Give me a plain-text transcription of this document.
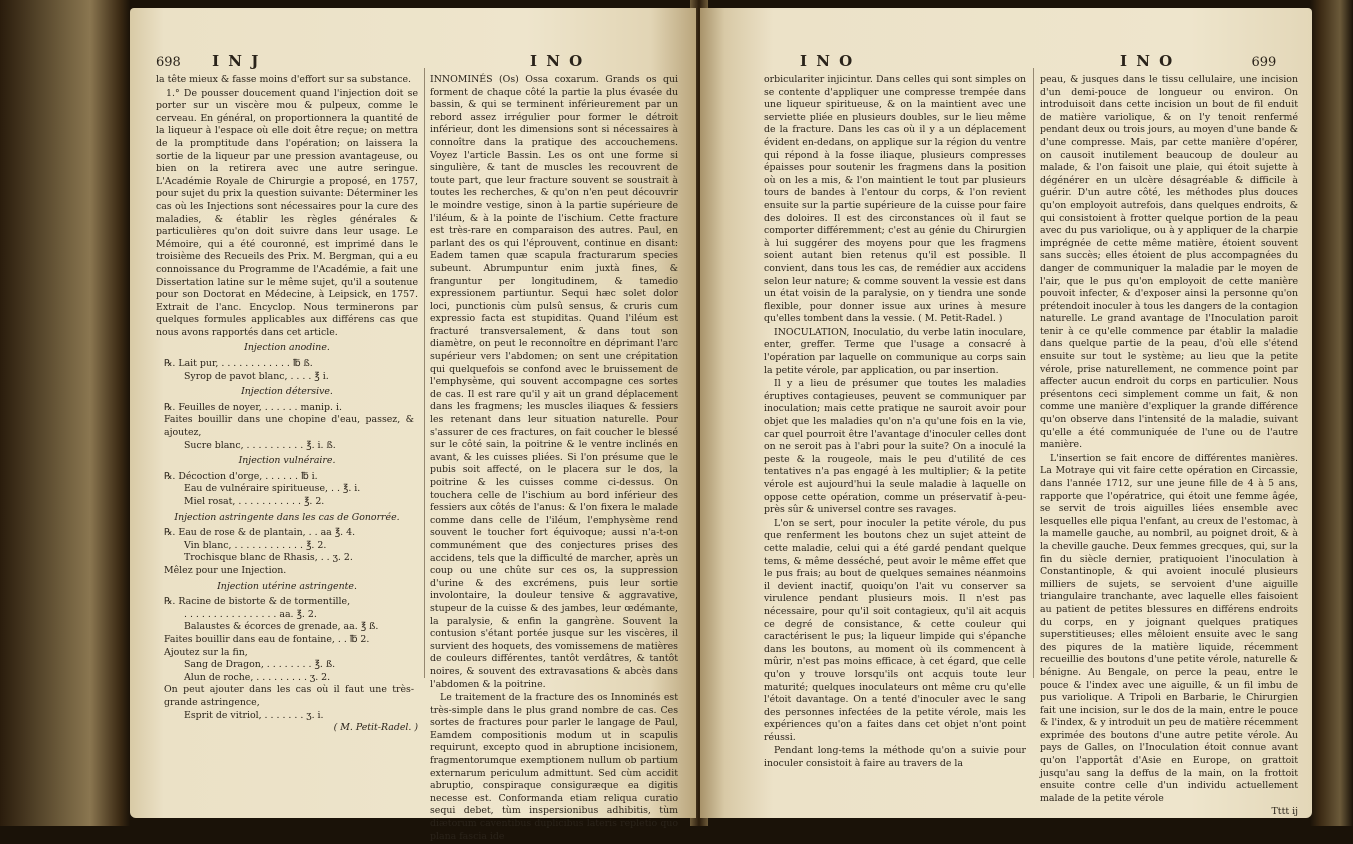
698 I N J	I N O

la tête mieux & fasse moins d'effort sur sa substance.

1.° De pousser doucement quand l'injection doit se porter sur un viscère mou & pulpeux, comme le cerveau. En général, on proportionnera la quantité de la liqueur à l'espace où elle doit être reçue; on mettra de la promptitude dans l'opération; on laissera la sortie de la liqueur par une pression avantageuse, ou bien on la retirera avec une autre seringue. L'Académie Royale de Chirurgie a proposé, en 1757, pour sujet du prix la question suivante: Déterminer les cas où les Injections sont nécessaires pour la cure des maladies, & établir les règles générales & particulières qu'on doit suivre dans leur usage. Le Mémoire, qui a été couronné, est imprimé dans le troisième des Recueils des Prix. M. Bergman, qui a eu connoissance du Programme de l'Académie, a fait une Dissertation latine sur le même sujet, qu'il a soutenue pour son Doctorat en Médecine, à Leipsick, en 1757. Extrait de l'anc. Encyclop. Nous terminerons par quelques formules applicables aux différens cas que nous avons rapportés dans cet article.

Injection anodine.
℞. Lait pur, . . . . . . . . . . . . ℔ ß.
Syrop de pavot blanc, . . . . ℥ i.
Injection détersive.
℞. Feuilles de noyer, . . . . . . manip. i.
Faites bouillir dans une chopine d'eau, passez, & ajoutez,
Sucre blanc, . . . . . . . . . . ℥. i. ß.
Injection vulnéraire.
℞. Décoction d'orge, . . . . . . ℔ i.
Eau de vulnéraire spiritueuse, . . ℥. i.
Miel rosat, . . . . . . . . . . . ℥. 2.
Injection astringente dans les cas de Gonorrée.
℞. Eau de rose & de plantain, . . aa ℥. 4.
Vin blanc, . . . . . . . . . . . . ℥. 2.
Trochisque blanc de Rhasis, . . ʒ. 2.
Mêlez pour une Injection.
Injection utérine astringente.
℞. Racine de bistorte & de tormentille,
. . . . . . . . . . . . . . . . aa. ℥. 2.
Balaustes & écorces de grenade, aa. ℥ ß.
Faites bouillir dans eau de fontaine, . . ℔ 2.
Ajoutez sur la fin,
Sang de Dragon, . . . . . . . . ℥. ß.
Alun de roche, . . . . . . . . . ʒ. 2.
On peut ajouter dans les cas où il faut une très-grande astringence,
Esprit de vitriol, . . . . . . . ʒ. i.
( M. Petit-Radel. )

INNOMINÉS (Os) Ossa coxarum. Grands os qui forment de chaque côté la partie la plus évasée du bassin, & qui se terminent inférieurement par un rebord assez irrégulier pour former le détroit inférieur, dont les dimensions sont si nécessaires à connoître dans la pratique des accouchemens. Voyez l'article Bassin. Les os ont une forme si singulière, & tant de muscles les recouvrent de toute part, que leur fracture souvent se soustrait à toutes les recherches, & qu'on n'en peut découvrir le moindre vestige, sinon à la partie supérieure de l'iléum, & à la pointe de l'ischium. Cette fracture est très-rare en comparaison des autres. Paul, en parlant des os qui l'éprouvent, continue en disant: Eadem tamen quæ scapula fracturarum species subeunt. Abrumpuntur enim juxtà fines, & franguntur per longitudinem, & tamedio expressionem partiuntur. Sequi hæc solet dolor loci, punctionis cùm pulsû sensus, & cruris cum expressio facta est stupiditas. Quand l'iléum est fracturé transversalement, & dans tout son diamètre, on peut le reconnoître en déprimant l'arc supérieur vers l'abdomen; on sent une crépitation qui quelquefois se confond avec le bruissement de l'emphysème, qui souvent accompagne ces sortes de cas. Il est rare qu'il y ait un grand déplacement dans les fragmens; les muscles iliaques & fessiers les retenant dans leur situation naturelle. Pour s'assurer de ces fractures, on fait coucher le blessé sur le côté sain, la poitrine & le ventre inclinés en avant, & les cuisses pliées. Si l'on présume que le pubis soit affecté, on le placera sur le dos, la poitrine & les cuisses comme ci-dessus. On touchera celle de l'ischium au bord inférieur des fessiers aux côtés de l'anus: & l'on fixera le malade comme dans celle de l'iléum, l'emphysème rend souvent le toucher fort équivoque; aussi n'a-t-on communément que des conjectures prises des accidens, tels que la difficulté de marcher, après un coup ou une chûte sur ces os, la suppression d'urine & des excrémens, puis leur sortie involontaire, la douleur tensive & aggravative, stupeur de la cuisse & des jambes, leur œdémante, la paralysie, & enfin la gangrène. Souvent la contusion s'étant portée jusque sur les viscères, il survient des hoquets, des vomissemens de matières de couleurs différentes, tantôt verdâtres, & tantôt noires, & souvent des extravasations & abcès dans l'abdomen & la poitrine.

Le traitement de la fracture des os Innominés est très-simple dans le plus grand nombre de cas. Ces sortes de fractures pour parler le langage de Paul, Eamdem compositionis modum ut in scapulis requirunt, excepto quod in abruptione incisionem, fragmentorumque exemptionem nullum ob partium externarum periculum admittunt. Sed cùm accidit abruptio, conspiraque consiguræque ea digitis necesse est. Conformanda etiam reliqua curatio sequi debet, tùm inspersionibus adhibitis, tùm diætorum caventibus duplicibus lateris repletio quo plana fascia ide

I N O	I N O	699

orbiculariter injicintur. Dans celles qui sont simples on se contente d'appliquer une compresse trempée dans une liqueur spiritueuse, & on la maintient avec une serviette pliée en plusieurs doubles, sur le lieu même de la fracture. Dans les cas où il y a un déplacement évident en-dedans, on applique sur la région du ventre qui répond à la fosse iliaque, plusieurs compresses épaisses pour soutenir les fragmens dans la position où on les a mis, & l'on maintient le tout par plusieurs tours de bandes à l'entour du corps, & l'on revient ensuite sur la partie supérieure de la cuisse pour faire des doloires. Il est des circonstances où il faut se comporter différemment; c'est au génie du Chirurgien à lui suggérer des moyens pour que les fragmens soient autant bien retenus qu'il est possible. Il convient, dans tous les cas, de remédier aux accidens selon leur nature; & comme souvent la vessie est dans un état voisin de la paralysie, on y tiendra une sonde flexible, pour donner issue aux urines à mesure qu'elles tombent dans la vessie. ( M. Petit-Radel. )

INOCULATION, Inoculatio, du verbe latin inoculare, enter, greffer. Terme que l'usage a consacré à l'opération par laquelle on communique au corps sain la petite vérole, par application, ou par insertion.

Il y a lieu de présumer que toutes les maladies éruptives contagieuses, peuvent se communiquer par inoculation; mais cette pratique ne sauroit avoir pour objet que les maladies qu'on n'a qu'une fois en la vie, car quel pourroit être l'avantage d'inoculer celles dont on ne seroit pas à l'abri pour la suite? On a inoculé la peste & la rougeole, mais le peu d'utilité de ces tentatives n'a pas engagé à les multiplier; & la petite vérole est aujourd'hui la seule maladie à laquelle on oppose cette opération, comme un préservatif à-peu-près sûr & universel contre ses ravages.

L'on se sert, pour inoculer la petite vérole, du pus que renferment les boutons chez un sujet atteint de cette maladie, celui qui a été gardé pendant quelque tems, & même desséché, peut avoir le même effet que le pus frais; au bout de quelques semaines néanmoins il devient inactif, quoiqu'on l'ait vu conserver sa virulence pendant plusieurs mois. Il n'est pas nécessaire, pour qu'il soit contagieux, qu'il ait acquis ce degré de consistance, & cette couleur qui caractérisent le pus; la liqueur limpide qui s'épanche dans les boutons, au moment où ils commencent à mûrir, n'est pas moins efficace, à cet égard, que celle qu'on y trouve lorsqu'ils ont acquis toute leur maturité; quelques inoculateurs ont même cru qu'elle l'étoit davantage. On a tenté d'inoculer avec le sang des personnes infectées de la petite vérole, mais les expériences qu'on a faites dans cet objet n'ont point réussi.

Pendant long-tems la méthode qu'on a suivie pour inoculer consistoit à faire au travers de la

peau, & jusques dans le tissu cellulaire, une incision d'un demi-pouce de longueur ou environ. On introduisoit dans cette incision un bout de fil enduit de matière variolique, & on l'y tenoit renfermé pendant deux ou trois jours, au moyen d'une bande & d'une compresse. Mais, par cette manière d'opérer, on causoit inutilement beaucoup de douleur au malade, & l'on faisoit une plaie, qui étoit sujette à dégénérer en un ulcère désagréable & difficile à guérir. D'un autre côté, les méthodes plus douces qu'on employoit autrefois, dans quelques endroits, & qui consistoient à frotter quelque portion de la peau avec du pus variolique, ou à y appliquer de la charpie imprégnée de cette même matière, étoient souvent sans succès; elles étoient de plus accompagnées du danger de communiquer la maladie par le moyen de l'air, que le pus qu'on employoit de cette manière pouvoit infecter, & d'exposer ainsi la personne qu'on prétendoit inoculer à tous les dangers de la contagion naturelle. Le grand avantage de l'Inoculation paroit tenir à ce qu'elle commence par établir la maladie dans quelque partie de la peau, d'où elle s'étend ensuite sur tout le système; au lieu que la petite vérole, prise naturellement, ne commence point par affecter aucun endroit du corps en particulier. Nous présentons ceci simplement comme un fait, & non comme une manière d'expliquer la grande différence qu'on observe dans l'intensité de la maladie, suivant qu'elle a été communiquée de l'une ou de l'autre manière.

L'insertion se fait encore de différentes manières. La Motraye qui vit faire cette opération en Circassie, dans l'année 1712, sur une jeune fille de 4 à 5 ans, rapporte que l'opératrice, qui étoit une femme âgée, se servit de trois aiguilles liées ensemble avec lesquelles elle piqua l'enfant, au creux de l'estomac, à la mamelle gauche, au nombril, au poignet droit, & à la cheville gauche. Deux femmes grecques, qui, sur la fin du siècle dernier, pratiquoient l'inoculation à Constantinople, & qui avoient inoculé plusieurs milliers de sujets, se servoient d'une aiguille triangulaire tranchante, avec laquelle elles faisoient au patient de petites blessures en différens endroits du corps, en y joignant quelques pratiques superstitieuses; elles mêloient ensuite avec le sang des piqures de la matière liquide, récemment recueillie des boutons d'une petite vérole, naturelle & bénigne. Au Bengale, on perce la peau, entre le pouce & l'index avec une aiguille, & un fil imbu de pus variolique. A Tripoli en Barbarie, le Chirurgien fait une incision, sur le dos de la main, entre le pouce & l'index, & y introduit un peu de matière récemment exprimée des boutons d'une autre petite vérole. Au pays de Galles, on l'Inoculation étoit connue avant qu'on l'apportât d'Asie en Europe, on grattoit jusqu'au sang la deffus de la main, on la frottoit ensuite contre celle d'un individu actuellement malade de la petite vérole

Tttt ij
